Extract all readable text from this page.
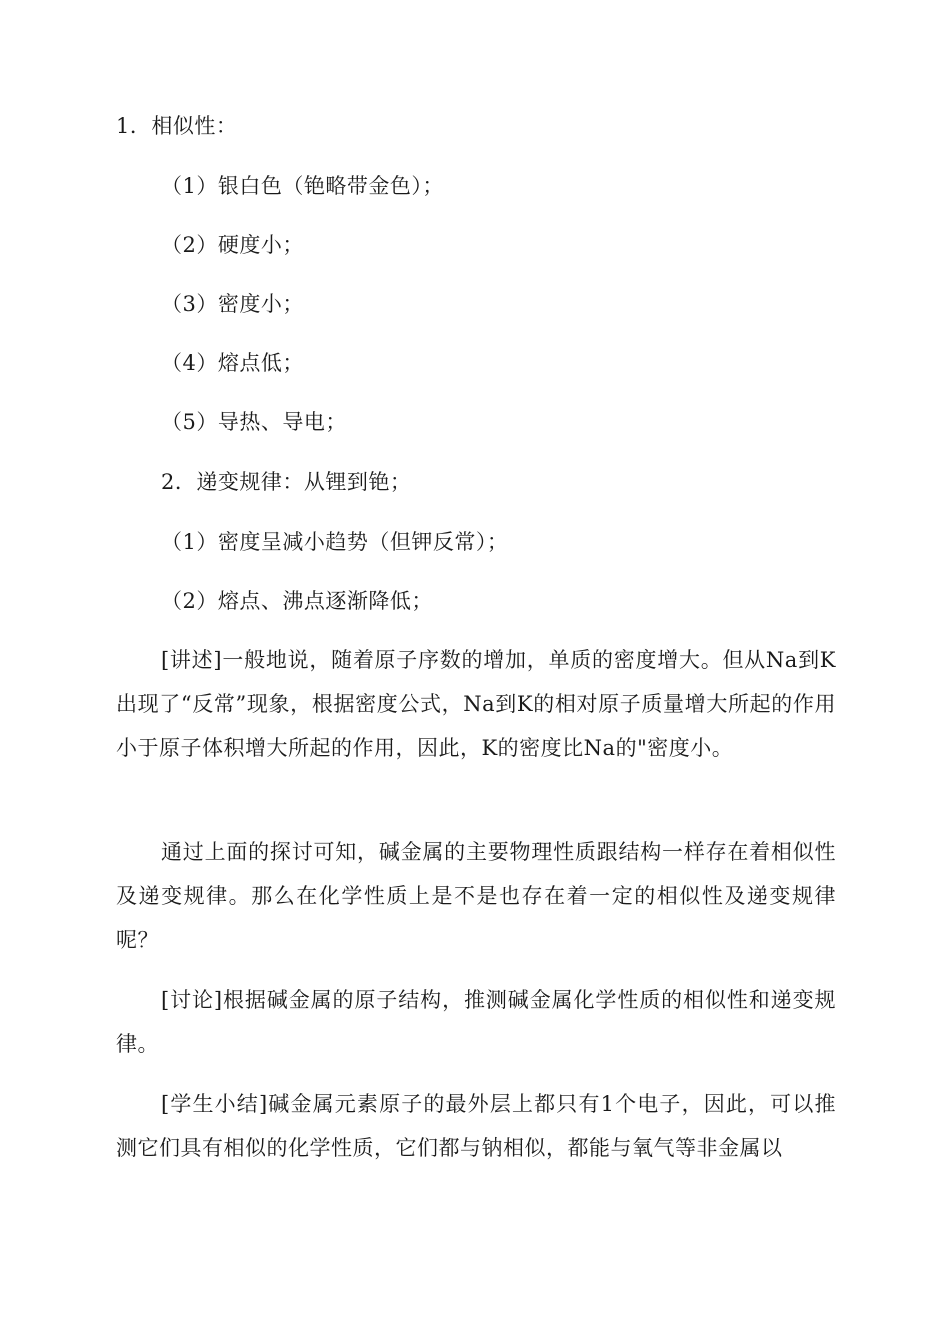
1．相似性：
（1）银白色（铯略带金色）；
（2）硬度小；
（3）密度小；
（4）熔点低；
（5）导热、导电；
2．递变规律：从锂到铯；
（1）密度呈减小趋势（但钾反常）；
（2）熔点、沸点逐渐降低；
[讲述]一般地说，随着原子序数的增加，单质的密度增大。但从Na到K出现了“反常”现象，根据密度公式，Na到K的相对原子质量增大所起的作用小于原子体积增大所起的作用，因此，K的密度比Na的"密度小。
通过上面的探讨可知，碱金属的主要物理性质跟结构一样存在着相似性及递变规律。那么在化学性质上是不是也存在着一定的相似性及递变规律呢？
[讨论]根据碱金属的原子结构，推测碱金属化学性质的相似性和递变规律。
[学生小结]碱金属元素原子的最外层上都只有1个电子，因此，可以推测它们具有相似的化学性质，它们都与钠相似，都能与氧气等非金属以
